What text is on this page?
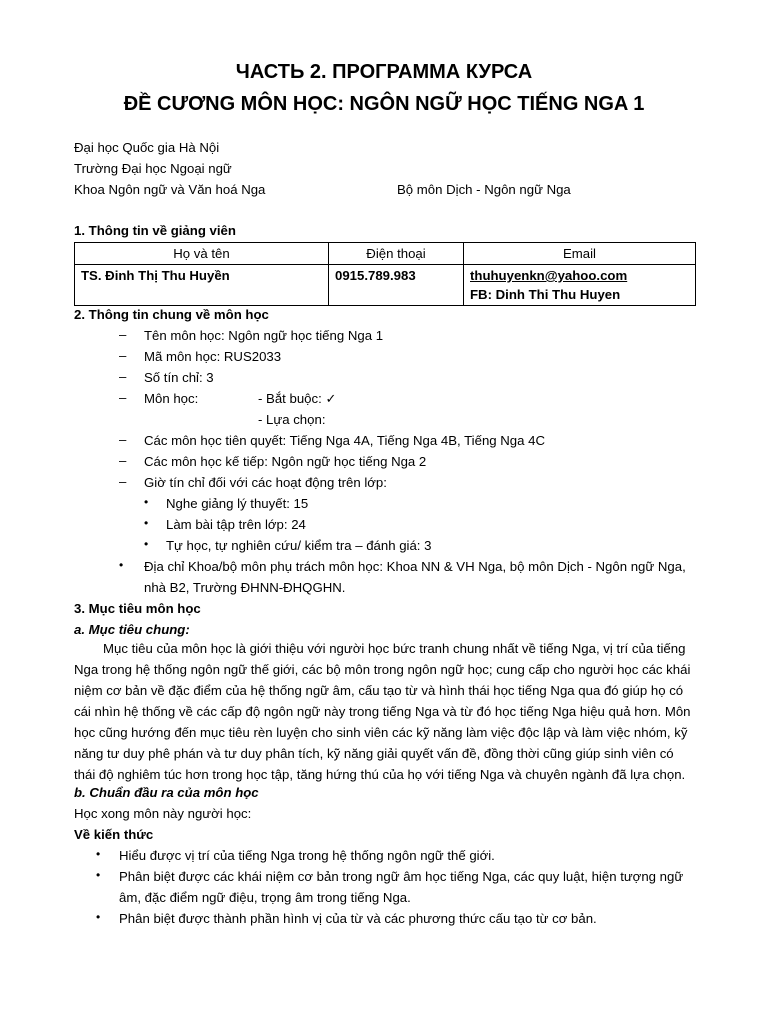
ЧАСТЬ 2. ПРОГРАММА КУРСА
ĐỀ CƯƠNG MÔN HỌC: NGÔN NGỮ HỌC TIẾNG NGA 1
Đại học Quốc gia Hà Nội
Trường Đại học Ngoại ngữ
Khoa Ngôn ngữ và Văn hoá Nga	Bộ môn Dịch - Ngôn ngữ Nga
1. Thông tin về giảng viên
Họ và tên	Điện thoại	Email
TS. Đinh Thị Thu Huyền	0915.789.983	thuhuyenkn@yahoo.com
FB: Dinh Thi Thu Huyen
2. Thông tin chung về môn học
– Tên môn học: Ngôn ngữ học tiếng Nga 1
– Mã môn học: RUS2033
– Số tín chỉ: 3
– Môn học:	- Bắt buộc: ✓
- Lựa chọn:
– Các môn học tiên quyết: Tiếng Nga 4A, Tiếng Nga 4B, Tiếng Nga 4C
– Các môn học kế tiếp: Ngôn ngữ học tiếng Nga 2
– Giờ tín chỉ đối với các hoạt động trên lớp:
• Nghe giảng lý thuyết: 15
• Làm bài tập trên lớp: 24
• Tự học, tự nghiên cứu/ kiểm tra – đánh giá: 3
• Địa chỉ Khoa/bộ môn phụ trách môn học: Khoa NN & VH Nga, bộ môn Dịch - Ngôn ngữ Nga,
nhà B2, Trường ĐHNN-ĐHQGHN.
3. Mục tiêu môn học
a. Mục tiêu chung:
Mục tiêu của môn học là giới thiệu với người học bức tranh chung nhất về tiếng Nga, vị trí của tiếng
Nga trong hệ thống ngôn ngữ thế giới, các bộ môn trong ngôn ngữ học; cung cấp cho người học các khái
niệm cơ bản về đặc điểm của hệ thống ngữ âm, cấu tạo từ và hình thái học tiếng Nga qua đó giúp họ có
cái nhìn hệ thống về các cấp độ ngôn ngữ này trong tiếng Nga và từ đó học tiếng Nga hiệu quả hơn. Môn
học cũng hướng đến mục tiêu rèn luyện cho sinh viên các kỹ năng làm việc độc lập và làm việc nhóm, kỹ
năng tư duy phê phán và tư duy phân tích, kỹ năng giải quyết vấn đề, đồng thời cũng giúp sinh viên có
thái độ nghiêm túc hơn trong học tập, tăng hứng thú của họ với tiếng Nga và chuyên ngành đã lựa chọn.
b. Chuẩn đầu ra của môn học
Học xong môn này người học:
Về kiến thức
• Hiểu được vị trí của tiếng Nga trong hệ thống ngôn ngữ thế giới.
• Phân biệt được các khái niệm cơ bản trong ngữ âm học tiếng Nga, các quy luật, hiện tượng ngữ
âm, đặc điểm ngữ điệu, trọng âm trong tiếng Nga.
• Phân biệt được thành phần hình vị của từ và các phương thức cấu tạo từ cơ bản.
